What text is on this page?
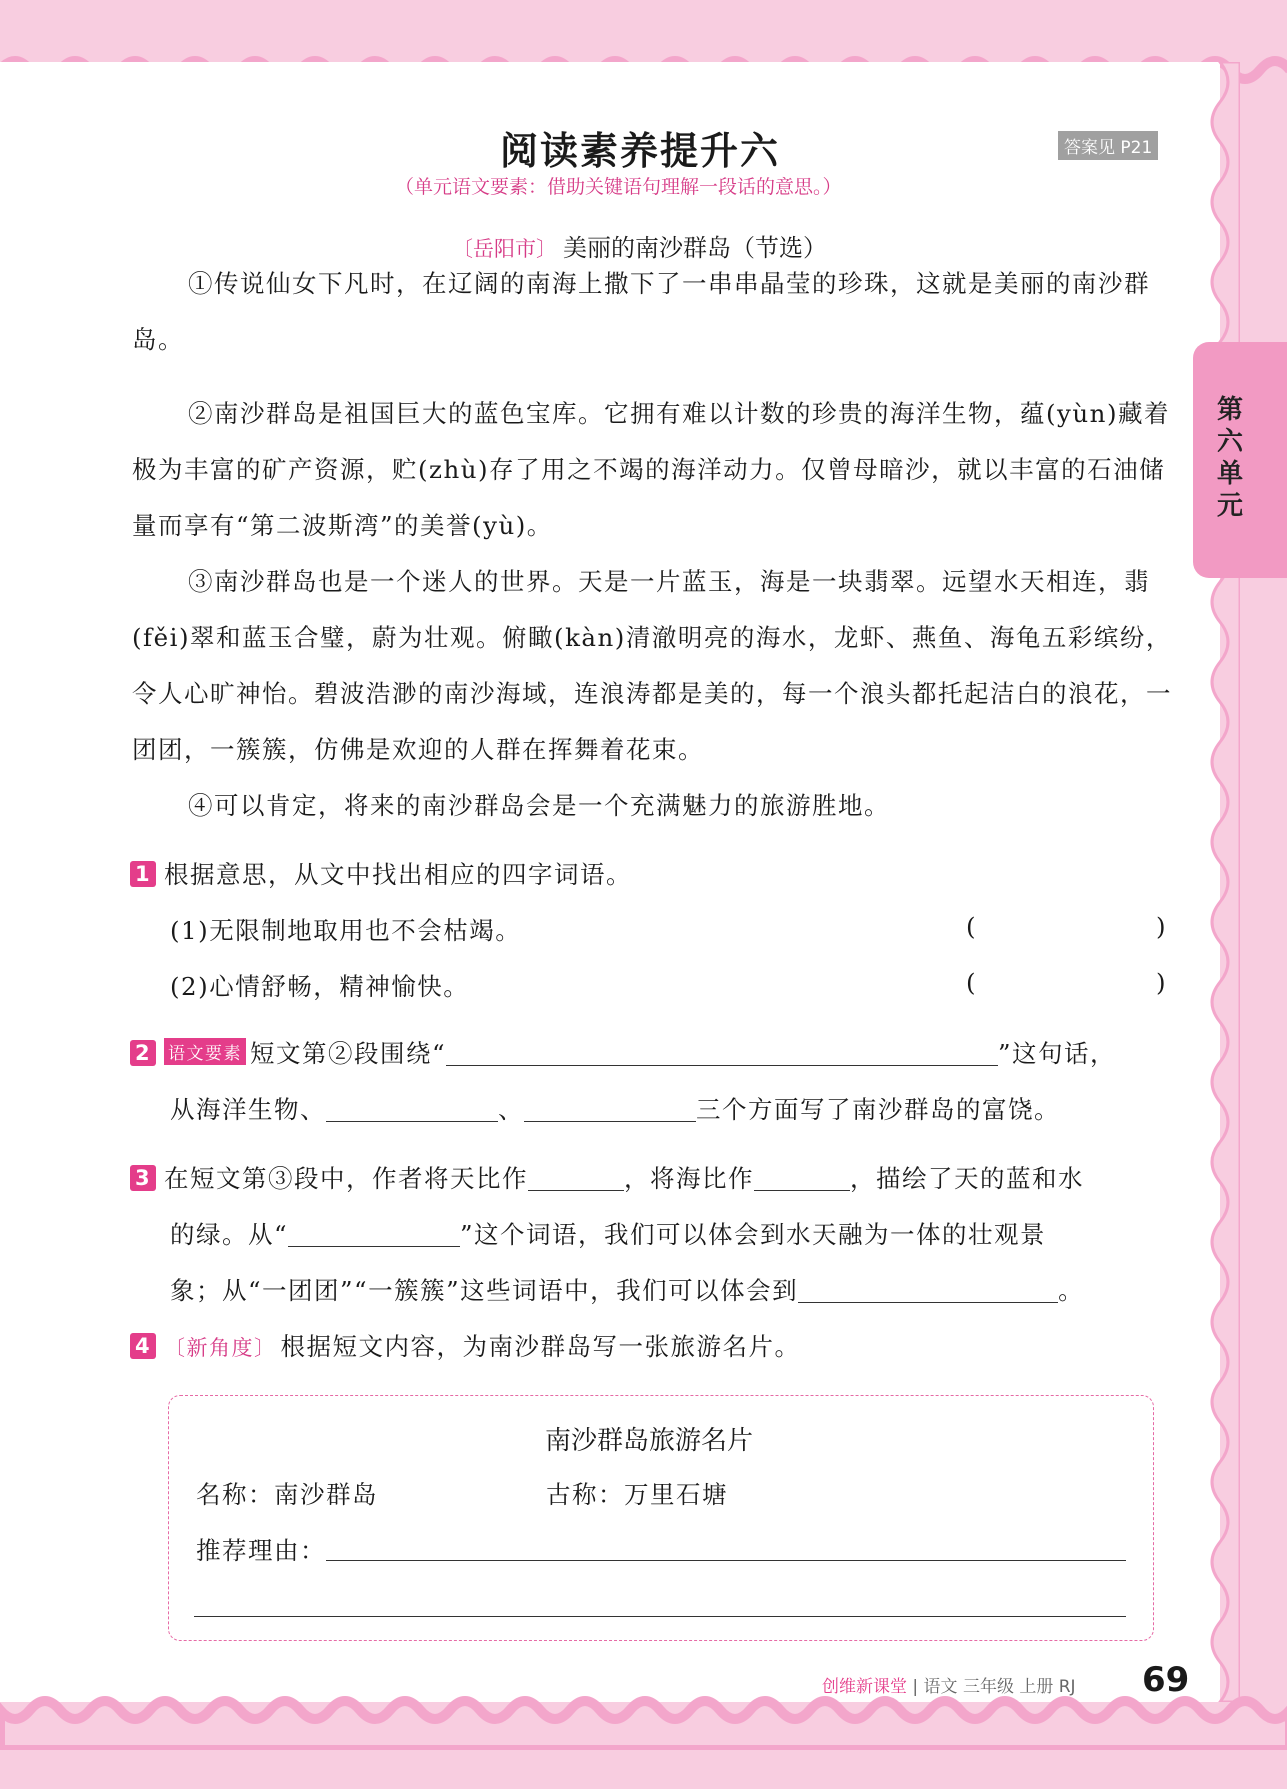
阅读素养提升六	答案见 P21
（单元语文要素：借助关键语句理解一段话的意思。）
第六单元
〔岳阳市〕 美丽的南沙群岛（节选）

①传说仙女下凡时，在辽阔的南海上撒下了一串串晶莹的珍珠，这就是美丽的南沙群岛。

②南沙群岛是祖国巨大的蓝色宝库。它拥有难以计数的珍贵的海洋生物，蕴(yùn)藏着极为丰富的矿产资源，贮(zhù)存了用之不竭的海洋动力。仅曾母暗沙，就以丰富的石油储量而享有“第二波斯湾”的美誉(yù)。

③南沙群岛也是一个迷人的世界。天是一片蓝玉，海是一块翡翠。远望水天相连，翡(fěi)翠和蓝玉合璧，蔚为壮观。俯瞰(kàn)清澈明亮的海水，龙虾、燕鱼、海龟五彩缤纷，令人心旷神怡。碧波浩渺的南沙海域，连浪涛都是美的，每一个浪头都托起洁白的浪花，一团团，一簇簇，仿佛是欢迎的人群在挥舞着花束。

④可以肯定，将来的南沙群岛会是一个充满魅力的旅游胜地。

1 根据意思，从文中找出相应的四字词语。
(1)无限制地取用也不会枯竭。	(	)
(2)心情舒畅，精神愉快。	(	)
2 语文要素 短文第②段围绕“	”这句话，
从海洋生物、	、	三个方面写了南沙群岛的富饶。
3 在短文第③段中，作者将天比作	，将海比作	，描绘了天的蓝和水
的绿。从“	”这个词语，我们可以体会到水天融为一体的壮观景
象；从“一团团”“一簇簇”这些词语中，我们可以体会到	。
4 〔新角度〕 根据短文内容，为南沙群岛写一张旅游名片。
南沙群岛旅游名片
名称：南沙群岛	古称：万里石塘
推荐理由：
创维新课堂 | 语文 三年级 上册 RJ 69
